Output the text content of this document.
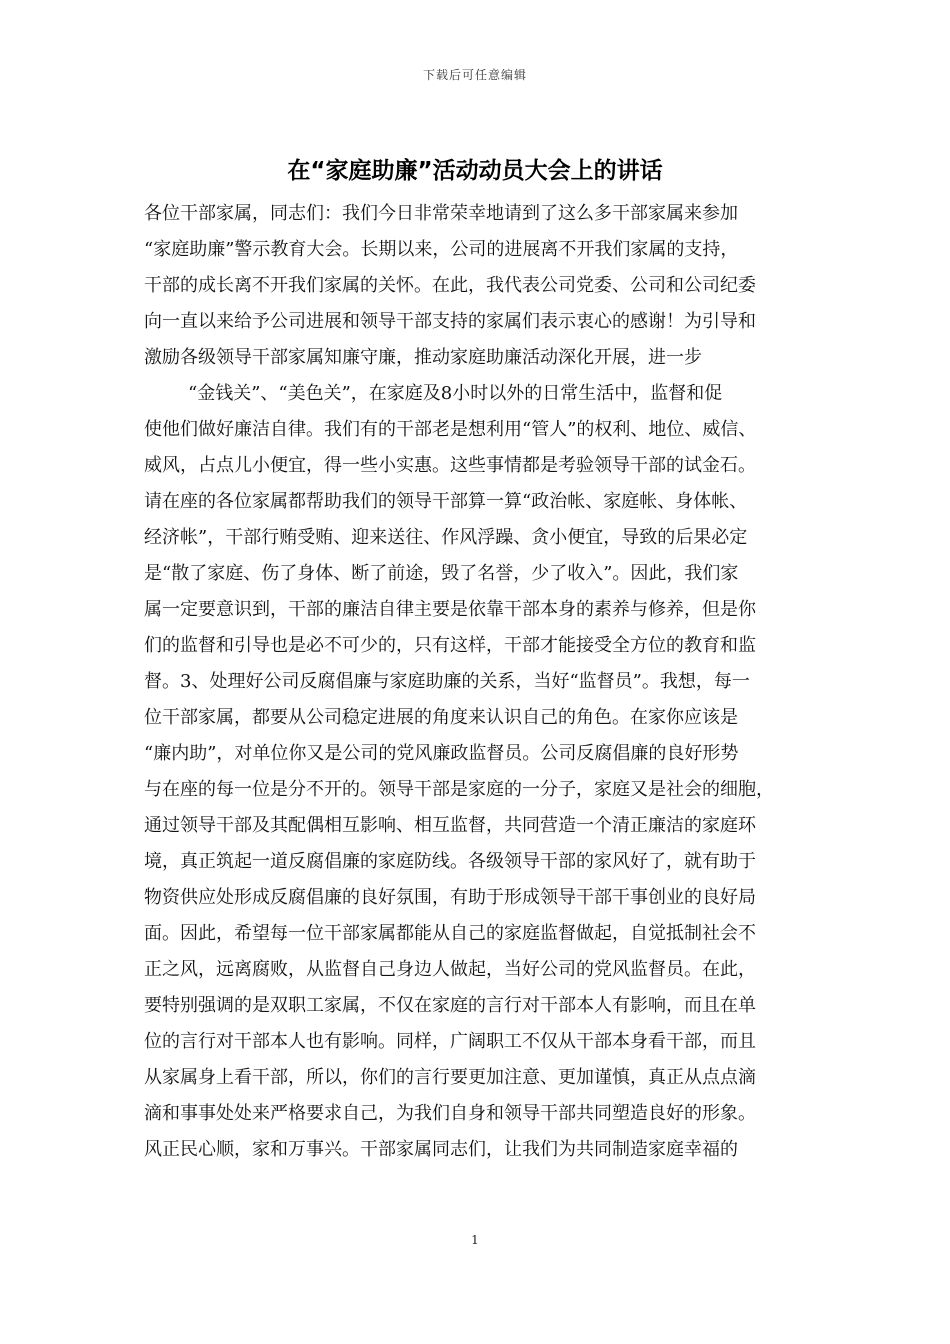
下载后可任意编辑
在“家庭助廉”活动动员大会上的讲话
各位干部家属，同志们：我们今日非常荣幸地请到了这么多干部家属来参加
“家庭助廉”警示教育大会。长期以来，公司的进展离不开我们家属的支持，
干部的成长离不开我们家属的关怀。在此，我代表公司党委、公司和公司纪委
向一直以来给予公司进展和领导干部支持的家属们表示衷心的感谢！为引导和
激励各级领导干部家属知廉守廉，推动家庭助廉活动深化开展，进一步
“金钱关”、“美色关”，在家庭及8小时以外的日常生活中，监督和促
使他们做好廉洁自律。我们有的干部老是想利用“管人”的权利、地位、威信、
威风，占点儿小便宜，得一些小实惠。这些事情都是考验领导干部的试金石。
请在座的各位家属都帮助我们的领导干部算一算“政治帐、家庭帐、身体帐、
经济帐”，干部行贿受贿、迎来送往、作风浮躁、贪小便宜，导致的后果必定
是“散了家庭、伤了身体、断了前途，毁了名誉，少了收入”。因此，我们家
属一定要意识到，干部的廉洁自律主要是依靠干部本身的素养与修养，但是你
们的监督和引导也是必不可少的，只有这样，干部才能接受全方位的教育和监
督。3、处理好公司反腐倡廉与家庭助廉的关系，当好“监督员”。我想，每一
位干部家属，都要从公司稳定进展的角度来认识自己的角色。在家你应该是
“廉内助”，对单位你又是公司的党风廉政监督员。公司反腐倡廉的良好形势
与在座的每一位是分不开的。领导干部是家庭的一分子，家庭又是社会的细胞，
通过领导干部及其配偶相互影响、相互监督，共同营造一个清正廉洁的家庭环
境，真正筑起一道反腐倡廉的家庭防线。各级领导干部的家风好了，就有助于
物资供应处形成反腐倡廉的良好氛围，有助于形成领导干部干事创业的良好局
面。因此，希望每一位干部家属都能从自己的家庭监督做起，自觉抵制社会不
正之风，远离腐败，从监督自己身边人做起，当好公司的党风监督员。在此，
要特别强调的是双职工家属，不仅在家庭的言行对干部本人有影响，而且在单
位的言行对干部本人也有影响。同样，广阔职工不仅从干部本身看干部，而且
从家属身上看干部，所以，你们的言行要更加注意、更加谨慎，真正从点点滴
滴和事事处处来严格要求自己，为我们自身和领导干部共同塑造良好的形象。
风正民心顺，家和万事兴。干部家属同志们，让我们为共同制造家庭幸福的
1
